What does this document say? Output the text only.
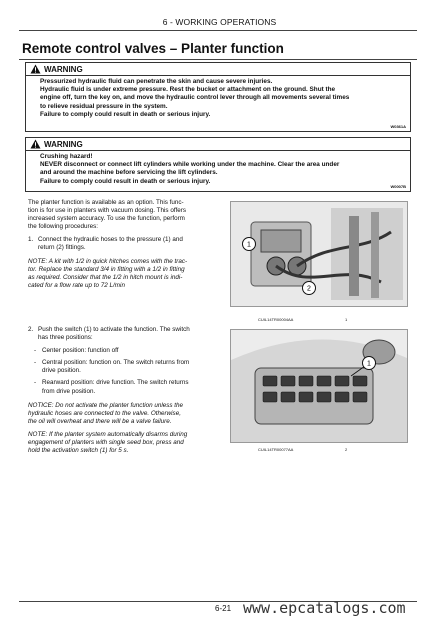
6 - WORKING OPERATIONS
Remote control valves – Planter function
WARNING
Pressurized hydraulic fluid can penetrate the skin and cause severe injuries.
Hydraulic fluid is under extreme pressure. Rest the bucket or attachment on the ground. Shut the
engine off, turn the key on, and move the hydraulic control lever through all movements several times
to relieve residual pressure in the system.
Failure to comply could result in death or serious injury.
W0361A
WARNING
Crushing hazard!
NEVER disconnect or connect lift cylinders while working under the machine. Clear the area under
and around the machine before servicing the lift cylinders.
Failure to comply could result in death or serious injury.
W0007B

The planter function is available as an option. This func-
tion is for use in planters with vacuum dosing. This offers
increased system accuracy. To use the function, perform
the following procedures:

1. Connect the hydraulic hoses to the pressure (1) and
return (2) fittings.

NOTE: A kit with 1/2 in quick hitches comes with the trac-
tor. Replace the standard 3/4 in fitting with a 1/2 in fitting
as required. Consider that the 1/2 in hitch mount is indi-
cated for a flow rate up to 72 L/min

1
2
CUIL14TR00004AA	1
2. Push the switch (1) to activate the function. The switch
has three positions:
- Center position: function off
- Central position: function on. The switch returns from
drive position.
- Rearward position: drive function. The switch returns
from drive position.

NOTICE: Do not activate the planter function unless the
hydraulic hoses are connected to the valve. Otherwise,
the oil will overheat and there will be a valve failure.

NOTE: If the planter system automatically disarms during
engagement of planters with single seed box, press and
hold the activation switch (1) for 5 s.

1
CUIL14TR00077AA	2
6-21 www.epcatalogs.com
